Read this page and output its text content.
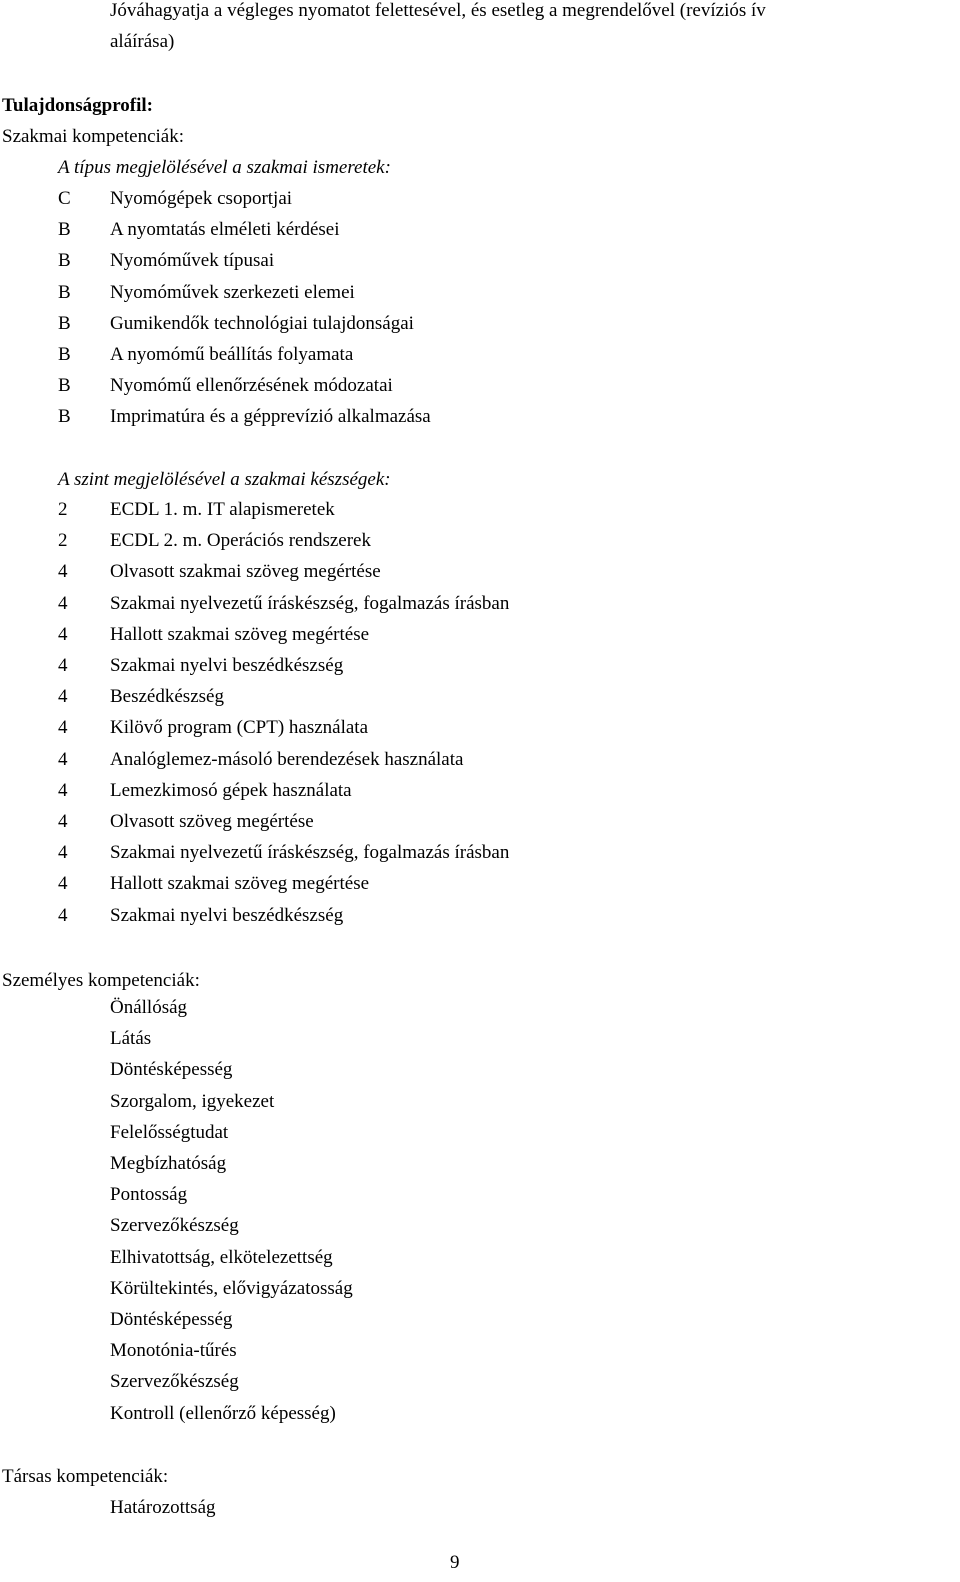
Jóváhagyatja a végleges nyomatot felettesével, és esetleg a megrendelővel (revíziós ív
aláírása)
Tulajdonságprofil:
Szakmai kompetenciák:
A típus megjelölésével a szakmai ismeretek:
C Nyomógépek csoportjai
B A nyomtatás elméleti kérdései
B Nyomóművek típusai
B Nyomóművek szerkezeti elemei
B Gumikendők technológiai tulajdonságai
B A nyomómű beállítás folyamata
B Nyomómű ellenőrzésének módozatai
B Imprimatúra és a gépprevízió alkalmazása
A szint megjelölésével a szakmai készségek:
2 ECDL 1. m. IT alapismeretek
2 ECDL 2. m. Operációs rendszerek
4 Olvasott szakmai szöveg megértése
4 Szakmai nyelvezetű íráskészség, fogalmazás írásban
4 Hallott szakmai szöveg megértése
4 Szakmai nyelvi beszédkészség
4 Beszédkészség
4 Kilövő program (CPT) használata
4 Analóglemez-másoló berendezések használata
4 Lemezkimosó gépek használata
4 Olvasott szöveg megértése
4 Szakmai nyelvezetű íráskészség, fogalmazás írásban
4 Hallott szakmai szöveg megértése
4 Szakmai nyelvi beszédkészség
Személyes kompetenciák:
Önállóság
Látás
Döntésképesség
Szorgalom, igyekezet
Felelősségtudat
Megbízhatóság
Pontosság
Szervezőkészség
Elhivatottság, elkötelezettség
Körültekintés, elővigyázatosság
Döntésképesség
Monotónia-tűrés
Szervezőkészség
Kontroll (ellenőrző képesség)
Társas kompetenciák:
Határozottság
9
